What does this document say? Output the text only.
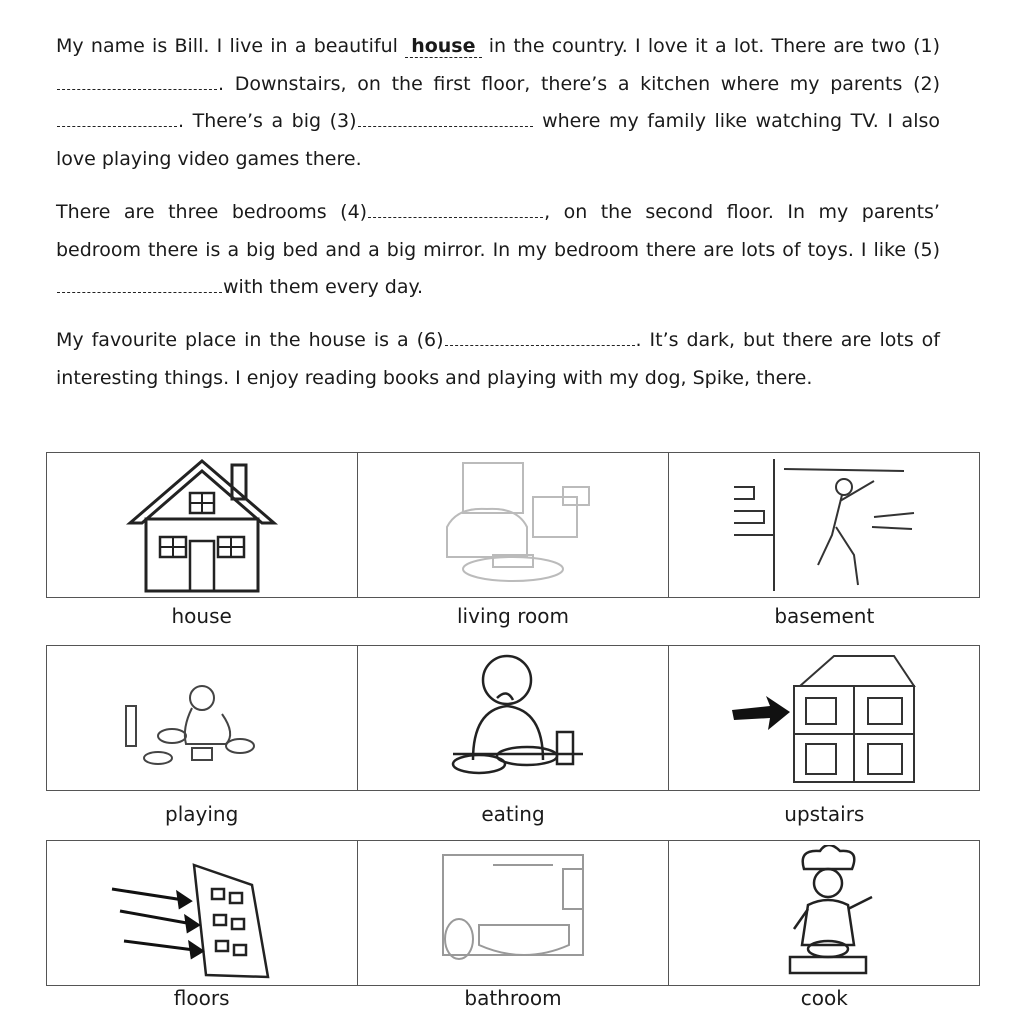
My name is Bill. I live in a beautiful house in the country. I love it a lot. There are two (1). Downstairs, on the first floor, there’s a kitchen where my parents (2). There’s a big (3)	where my family like watching TV. I also love playing video games there.
There are three bedrooms (4)	, on the second floor. In my parents’ bedroom there is a big bed and a big mirror. In my bedroom there are lots of toys. I like (5)with them every day.
My favourite place in the house is a (6)	. It’s dark, but there are lots of interesting things. I enjoy reading books and playing with my dog, Spike, there.
house	living room	basement
playing	eating	upstairs
floors	bathroom	cook
